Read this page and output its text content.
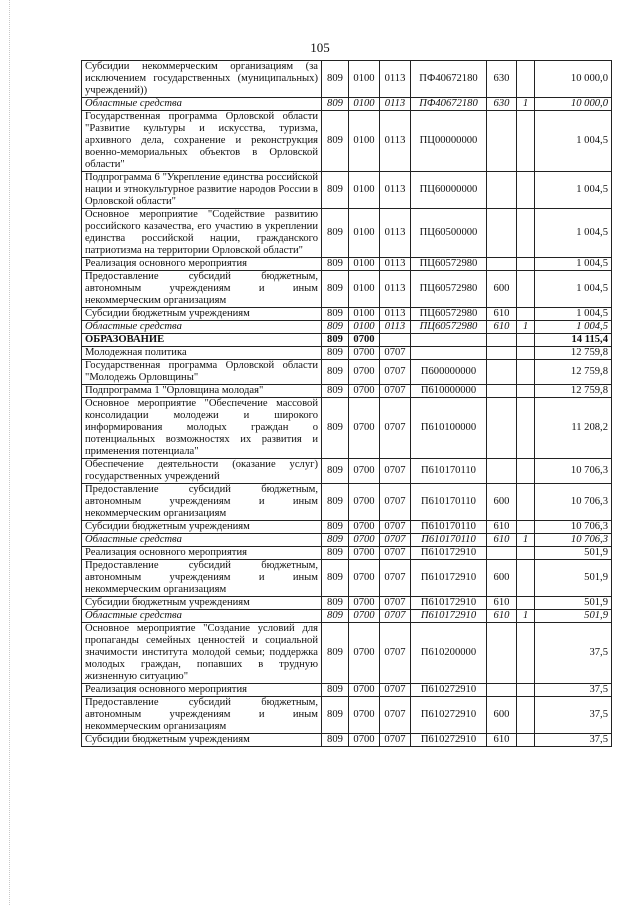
105
Субсидии некоммерческим организациям (за исключением государственных (муниципальных) учреждений))	809	0100	0113	ПФ40672180	630		10 000,0
Областные средства	809	0100	0113	ПФ40672180	630	1	10 000,0
Государственная программа Орловской области "Развитие культуры и искусства, туризма, архивного дела, сохранение и реконструкция военно-мемориальных объектов в Орловской области"	809	0100	0113	ПЦ00000000			1 004,5
Подпрограмма 6 "Укрепление единства российской нации и этнокультурное развитие народов России в Орловской области"	809	0100	0113	ПЦ60000000			1 004,5
Основное мероприятие "Содействие развитию российского казачества, его участию в укреплении единства российской нации, гражданского патриотизма на территории Орловской области"	809	0100	0113	ПЦ60500000			1 004,5
Реализация основного мероприятия	809	0100	0113	ПЦ60572980			1 004,5
Предоставление субсидий бюджетным, автономным учреждениям и иным некоммерческим организациям	809	0100	0113	ПЦ60572980	600		1 004,5
Субсидии бюджетным учреждениям	809	0100	0113	ПЦ60572980	610		1 004,5
Областные средства	809	0100	0113	ПЦ60572980	610	1	1 004,5
ОБРАЗОВАНИЕ	809	0700					14 115,4
Молодежная политика	809	0700	0707				12 759,8
Государственная программа Орловской области "Молодежь Орловщины"	809	0700	0707	П600000000			12 759,8
Подпрограмма 1 "Орловщина молодая"	809	0700	0707	П610000000			12 759,8
Основное мероприятие "Обеспечение массовой консолидации молодежи и широкого информирования молодых граждан о потенциальных возможностях их развития и применения потенциала"	809	0700	0707	П610100000			11 208,2
Обеспечение деятельности (оказание услуг) государственных учреждений	809	0700	0707	П610170110			10 706,3
Предоставление субсидий бюджетным, автономным учреждениям и иным некоммерческим организациям	809	0700	0707	П610170110	600		10 706,3
Субсидии бюджетным учреждениям	809	0700	0707	П610170110	610		10 706,3
Областные средства	809	0700	0707	П610170110	610	1	10 706,3
Реализация основного мероприятия	809	0700	0707	П610172910			501,9
Предоставление субсидий бюджетным, автономным учреждениям и иным некоммерческим организациям	809	0700	0707	П610172910	600		501,9
Субсидии бюджетным учреждениям	809	0700	0707	П610172910	610		501,9
Областные средства	809	0700	0707	П610172910	610	1	501,9
Основное мероприятие "Создание условий для пропаганды семейных ценностей и социальной значимости института молодой семьи; поддержка молодых граждан, попавших в трудную жизненную ситуацию"	809	0700	0707	П610200000			37,5
Реализация основного мероприятия	809	0700	0707	П610272910			37,5
Предоставление субсидий бюджетным, автономным учреждениям и иным некоммерческим организациям	809	0700	0707	П610272910	600		37,5
Субсидии бюджетным учреждениям	809	0700	0707	П610272910	610		37,5
